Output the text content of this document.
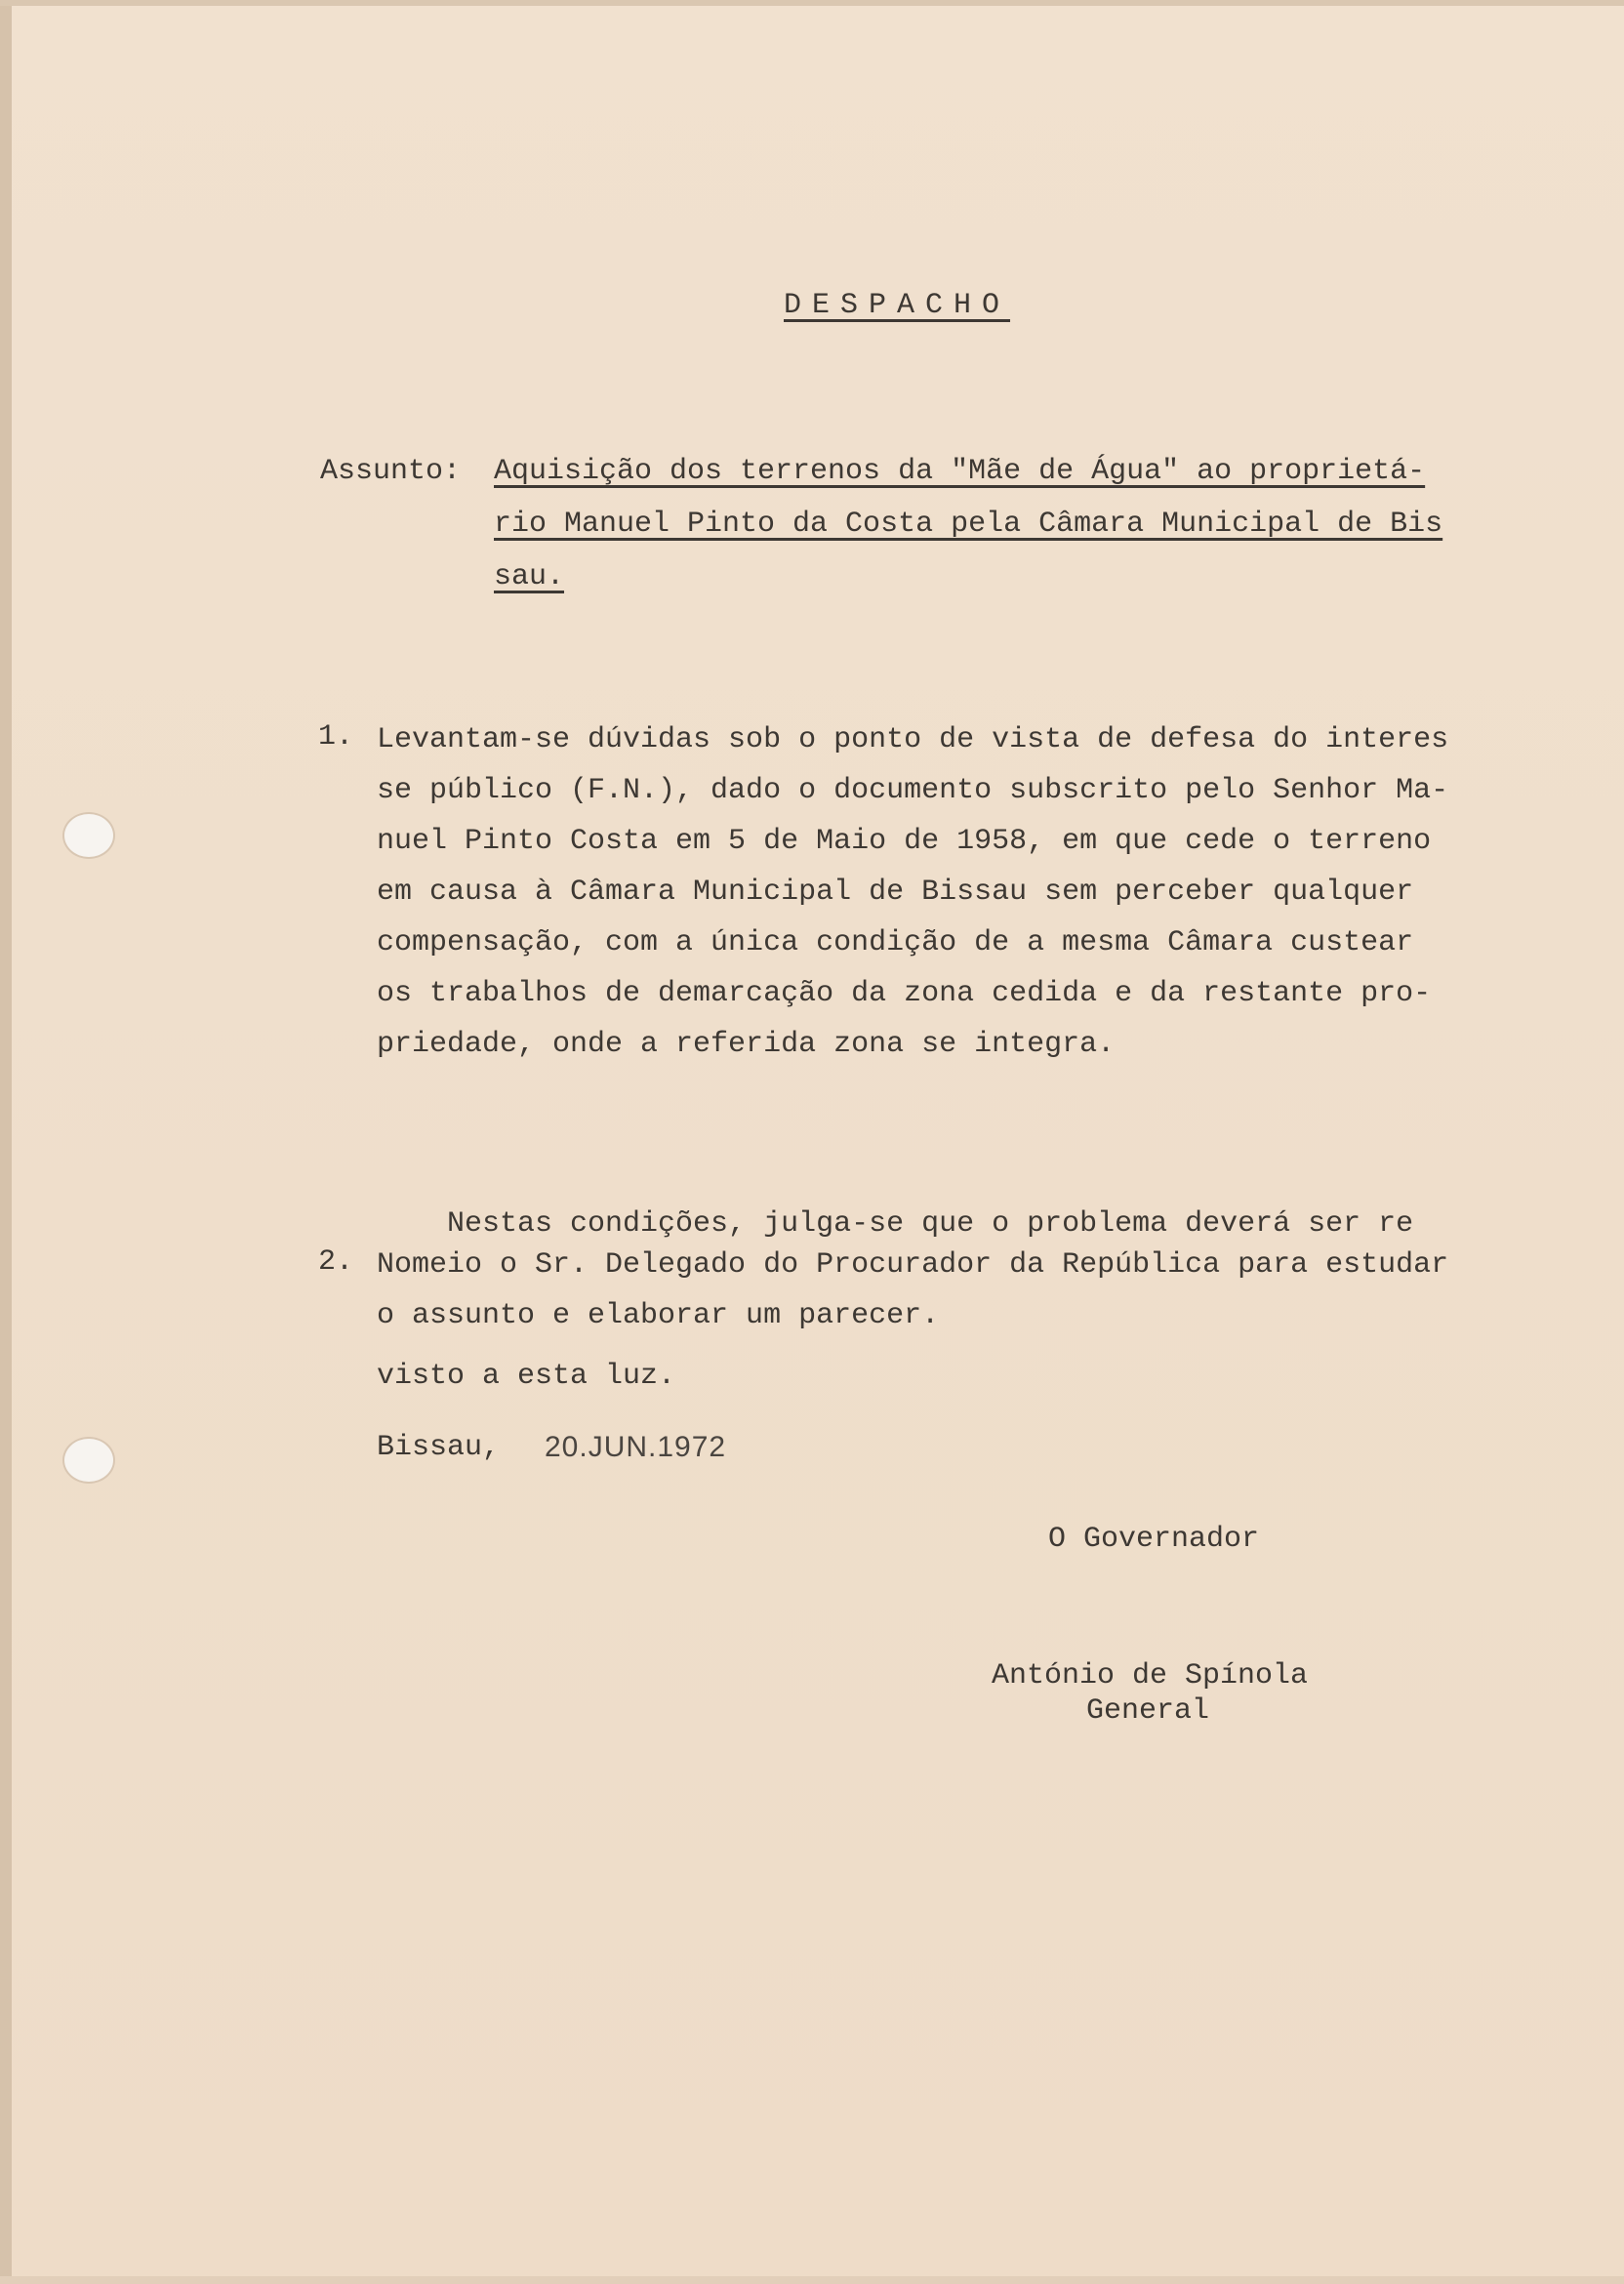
DESPACHO
Assunto: Aquisição dos terrenos da "Mãe de Água" ao proprietá-
rio Manuel Pinto da Costa pela Câmara Municipal de Bis
sau.
1. Levantam-se dúvidas sob o ponto de vista de defesa do interes
se público (F.N.), dado o documento subscrito pelo Senhor Ma-
nuel Pinto Costa em 5 de Maio de 1958, em que cede o terreno
em causa à Câmara Municipal de Bissau sem perceber qualquer
compensação, com a única condição de a mesma Câmara custear
os trabalhos de demarcação da zona cedida e da restante pro-
priedade, onde a referida zona se integra.

Nestas condições, julga-se que o problema deverá ser re

visto a esta luz.

2. Nomeio o Sr. Delegado do Procurador da República para estudar
o assunto e elaborar um parecer.
Bissau, 20.JUN.1972
O Governador
António de Spínola
General
